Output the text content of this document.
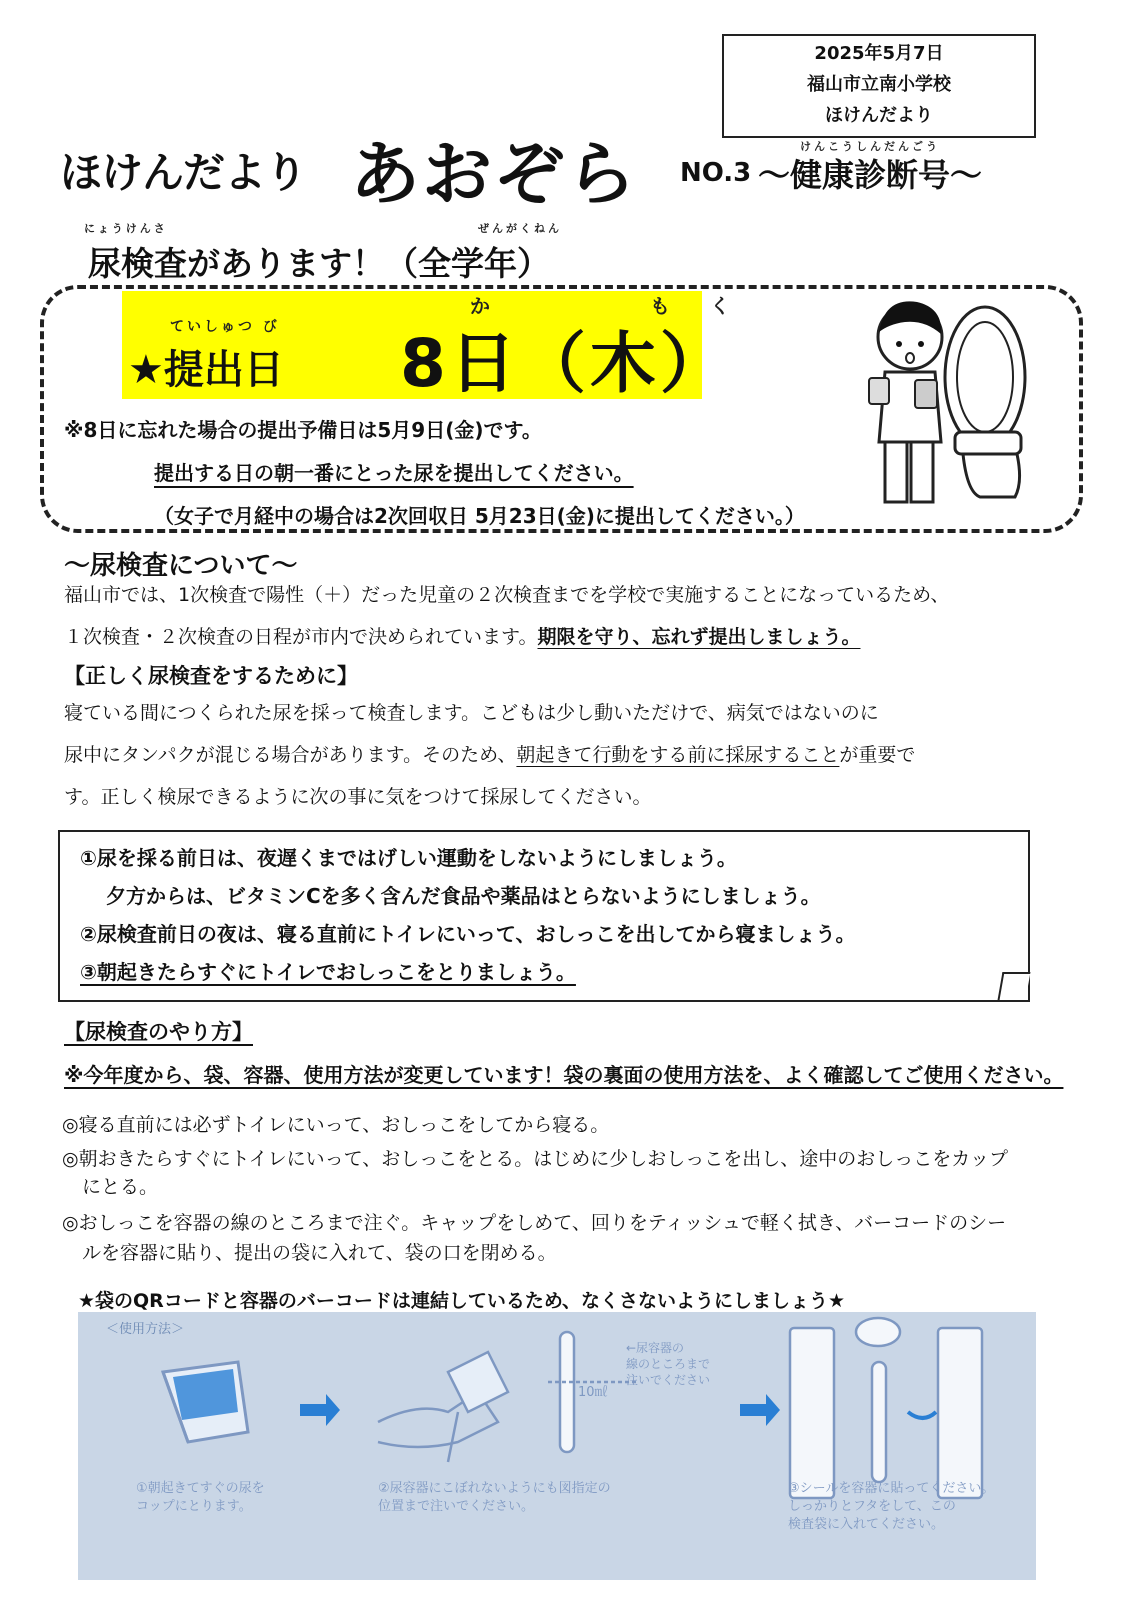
2025年5月7日
福山市立南小学校
ほけんだより
ほけんだより あおぞら NO.3
けんこうしんだんごう
〜健康診断号〜
にょうけんさ	ぜんがくねん
尿検査があります！（全学年）
ていしゅつ び
★提出日
か　　もく
8日（木）
※8日に忘れた場合の提出予備日は5月9日(金)です。
提出する日の朝一番にとった尿を提出してください。
（女子で月経中の場合は2次回収日 5月23日(金)に提出してください。）
〜尿検査について〜
福山市では、1次検査で陽性（＋）だった児童の２次検査までを学校で実施することになっているため、
１次検査・２次検査の日程が市内で決められています。期限を守り、忘れず提出しましょう。
【正しく尿検査をするために】
寝ている間につくられた尿を採って検査します。こどもは少し動いただけで、病気ではないのに
尿中にタンパクが混じる場合があります。そのため、朝起きて行動をする前に採尿することが重要で
す。正しく検尿できるように次の事に気をつけて採尿してください。
①尿を採る前日は、夜遅くまではげしい運動をしないようにしましょう。
夕方からは、ビタミンCを多く含んだ食品や薬品はとらないようにしましょう。
②尿検査前日の夜は、寝る直前にトイレにいって、おしっこを出してから寝ましょう。
③朝起きたらすぐにトイレでおしっこをとりましょう。
【尿検査のやり方】
※今年度から、袋、容器、使用方法が変更しています！袋の裏面の使用方法を、よく確認してご使用ください。
◎寝る直前には必ずトイレにいって、おしっこをしてから寝る。
◎朝おきたらすぐにトイレにいって、おしっこをとる。はじめに少しおしっこを出し、途中のおしっこをカップ
にとる。
◎おしっこを容器の線のところまで注ぐ。キャップをしめて、回りをティッシュで軽く拭き、バーコードのシー
ルを容器に貼り、提出の袋に入れて、袋の口を閉める。
★袋のQRコードと容器のバーコードは連結しているため、なくさないようにしましょう★
＜使用方法＞
10㎖
←尿容器の 線のところまで 注いでください
①朝起きてすぐの尿を
コップにとります。
②尿容器にこぼれないようにも図指定の
位置まで注いでください。
③シールを容器に貼ってください。
しっかりとフタをして、この
検査袋に入れてください。
